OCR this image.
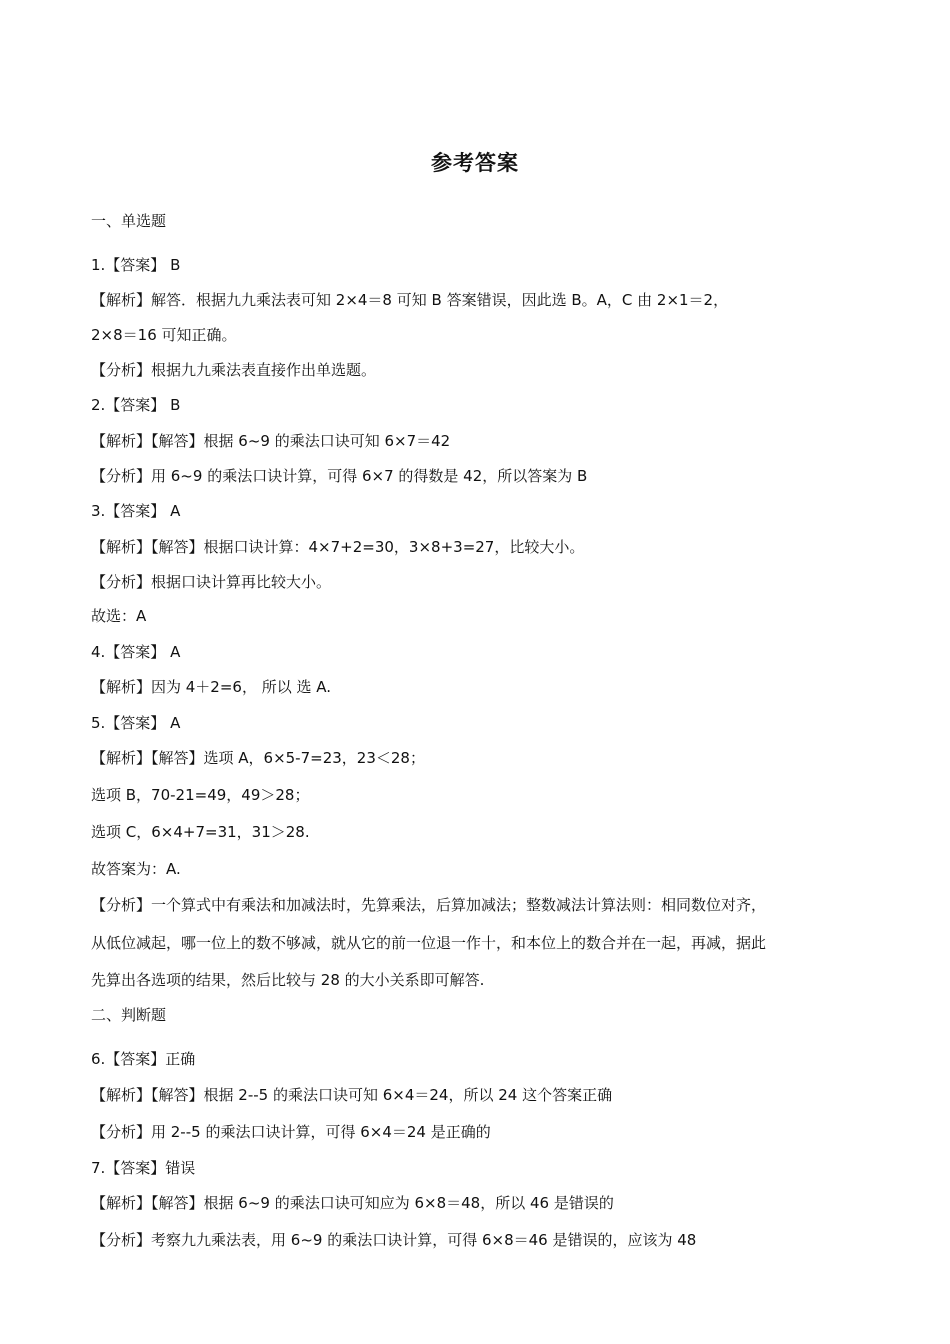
参考答案
一、单选题
1.【答案】 B
【解析】解答．根据九九乘法表可知 2×4＝8 可知 B 答案错误，因此选 B。A，C 由 2×1＝2，
2×8＝16 可知正确。
【分析】根据九九乘法表直接作出单选题。
2.【答案】 B
【解析】【解答】根据 6~9 的乘法口诀可知 6×7＝42
【分析】用 6~9 的乘法口诀计算，可得 6×7 的得数是 42，所以答案为 B
3.【答案】 A
【解析】【解答】根据口诀计算：4×7+2=30，3×8+3=27，比较大小。
【分析】根据口诀计算再比较大小。
故选：A
4.【答案】 A
【解析】因为 4＋2=6， 所以 选 A.
5.【答案】 A
【解析】【解答】选项 A，6×5-7=23，23＜28；
选项 B，70-21=49，49＞28；
选项 C，6×4+7=31，31＞28.
故答案为：A.
【分析】一个算式中有乘法和加减法时，先算乘法，后算加减法；整数减法计算法则：相同数位对齐，
从低位减起，哪一位上的数不够减，就从它的前一位退一作十，和本位上的数合并在一起，再减，据此
先算出各选项的结果，然后比较与 28 的大小关系即可解答.
二、判断题
6.【答案】正确
【解析】【解答】根据 2--5 的乘法口诀可知 6×4＝24，所以 24 这个答案正确
【分析】用 2--5 的乘法口诀计算，可得 6×4＝24 是正确的
7.【答案】错误
【解析】【解答】根据 6~9 的乘法口诀可知应为 6×8＝48，所以 46 是错误的
【分析】考察九九乘法表，用 6~9 的乘法口诀计算，可得 6×8＝46 是错误的，应该为 48
